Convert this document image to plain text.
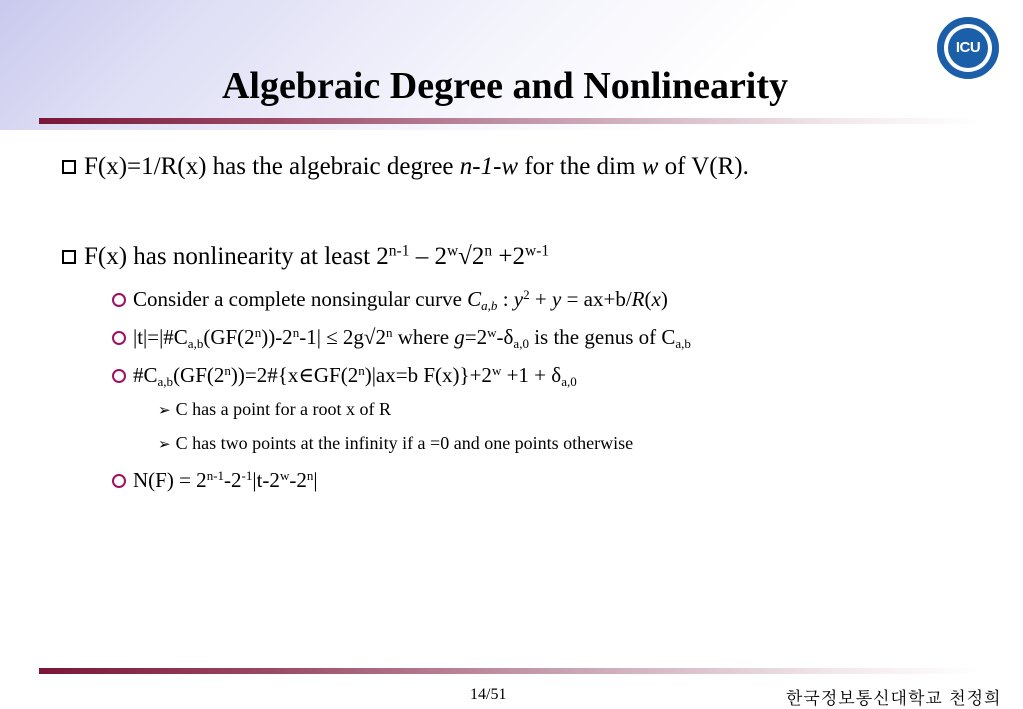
ICU
Algebraic Degree and Nonlinearity
F(x)=1/R(x) has the algebraic degree n-1-w for the dim w of V(R).
F(x) has nonlinearity at least $2^{n-1} - 2^w√2^n +2^{w-1}$
Consider a complete nonsingular curve $C_{a,b}$ : $y^2 + y = ax+b/R(x)$
$|t|=|\#C_{a,b}(GF(2^n))-2^n-1| \le 2g√2^n$ where $g=2^w-\delta_{a,0}$ is the genus of $C_{a,b}$
$\#C_{a,b}(GF(2^n))=2\#\{x\in GF(2^n)|ax=b$ $F(x)\}+2^w +1 + \delta_{a,0}$
➢ C has a point for a root x of R
➢ C has two points at the infinity if a =0 and one points otherwise
$N(F) = 2^{n-1}-2^{-1}|t-2^w-2^n|$
14/51	한국정보통신대학교 천정희
